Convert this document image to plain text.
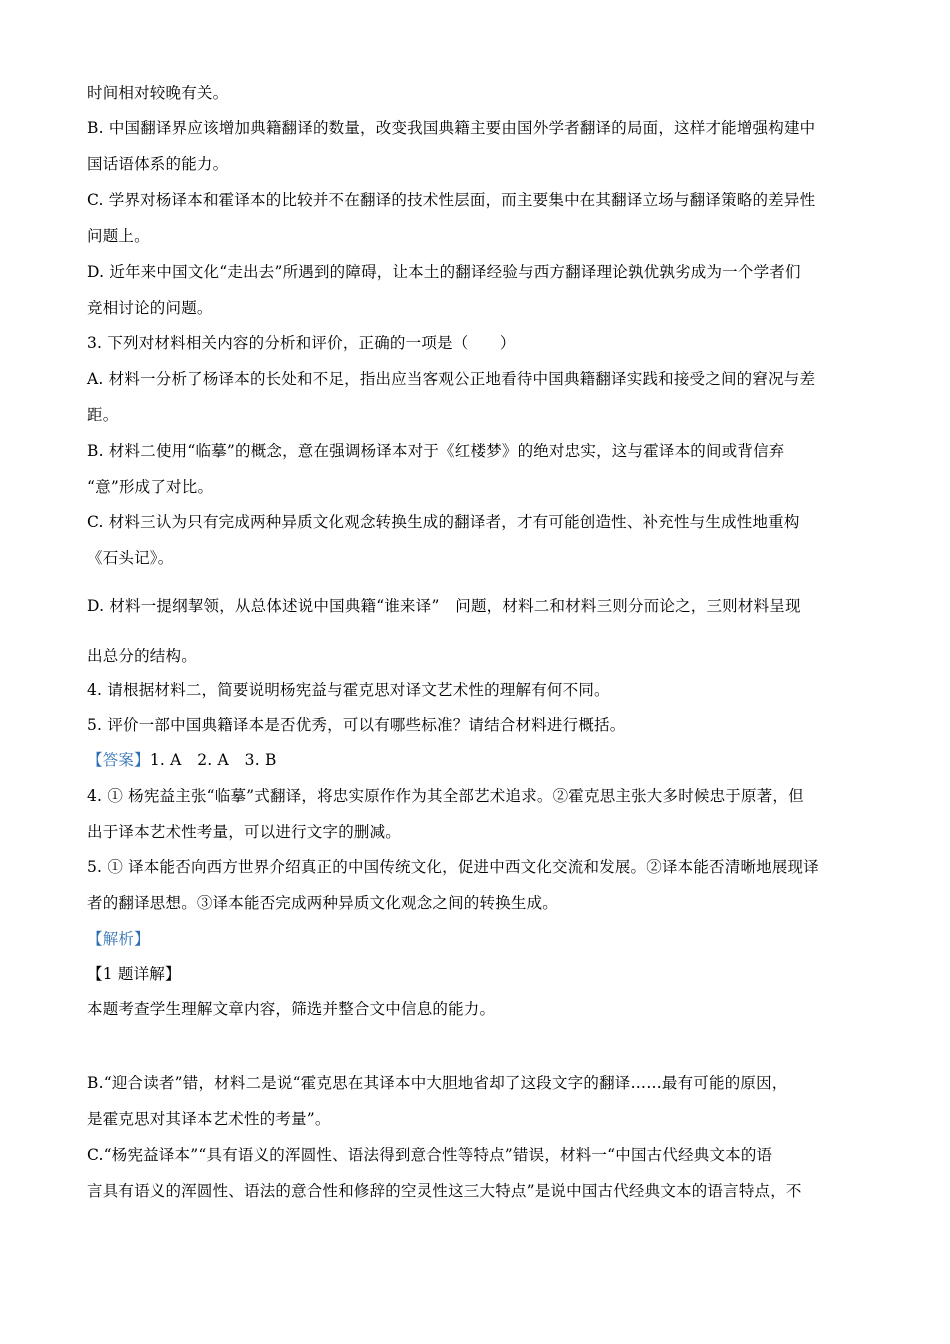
时间相对较晚有关。
B. 中国翻译界应该增加典籍翻译的数量，改变我国典籍主要由国外学者翻译的局面，这样才能增强构建中
国话语体系的能力。
C. 学界对杨译本和霍译本的比较并不在翻译的技术性层面，而主要集中在其翻译立场与翻译策略的差异性
问题上。
D. 近年来中国文化“走出去”所遇到的障碍，让本土的翻译经验与西方翻译理论孰优孰劣成为一个学者们
竞相讨论的问题。
3. 下列对材料相关内容的分析和评价，正确的一项是（　　）
A. 材料一分析了杨译本的长处和不足，指出应当客观公正地看待中国典籍翻译实践和接受之间的窘况与差
距。
B. 材料二使用“临摹”的概念，意在强调杨译本对于《红楼梦》的绝对忠实，这与霍译本的间或背信弃
“意”形成了对比。
C. 材料三认为只有完成两种异质文化观念转换生成的翻译者，才有可能创造性、补充性与生成性地重构
《石头记》。
D. 材料一提纲挈领，从总体述说中国典籍“谁来译”　问题，材料二和材料三则分而论之，三则材料呈现
出总分的结构。
4. 请根据材料二，简要说明杨宪益与霍克思对译文艺术性的理解有何不同。
5. 评价一部中国典籍译本是否优秀，可以有哪些标准？请结合材料进行概括。
【答案】1. A　2. A　3. B
4. ① 杨宪益主张“临摹”式翻译，将忠实原作作为其全部艺术追求。②霍克思主张大多时候忠于原著，但
出于译本艺术性考量，可以进行文字的删减。
5. ① 译本能否向西方世界介绍真正的中国传统文化，促进中西文化交流和发展。②译本能否清晰地展现译
者的翻译思想。③译本能否完成两种异质文化观念之间的转换生成。
【解析】
【1 题详解】
本题考查学生理解文章内容，筛选并整合文中信息的能力。
B.“迎合读者”错，材料二是说“霍克思在其译本中大胆地省却了这段文字的翻译……最有可能的原因，
是霍克思对其译本艺术性的考量”。
C.“杨宪益译本”“具有语义的浑圆性、语法得到意合性等特点”错误，材料一“中国古代经典文本的语
言具有语义的浑圆性、语法的意合性和修辞的空灵性这三大特点”是说中国古代经典文本的语言特点，不
